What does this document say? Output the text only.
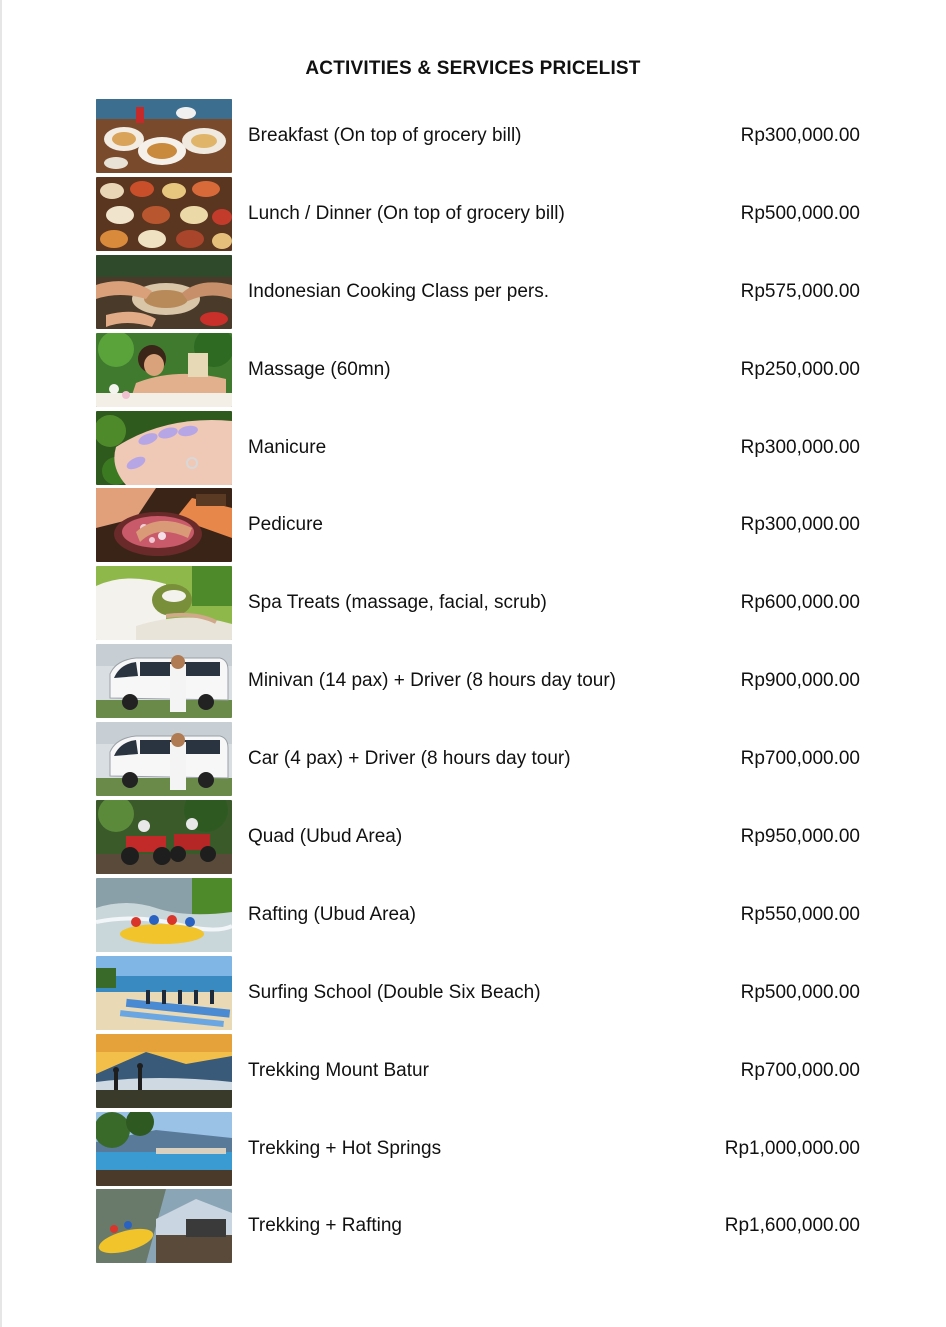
ACTIVITIES & SERVICES PRICELIST
Breakfast (On top of grocery bill)	Rp300,000.00
Lunch / Dinner (On top of grocery bill)	Rp500,000.00
Indonesian Cooking Class per pers.	Rp575,000.00
Massage (60mn)	Rp250,000.00
Manicure	Rp300,000.00
Pedicure	Rp300,000.00
Spa Treats (massage, facial, scrub)	Rp600,000.00
Minivan (14 pax) + Driver (8 hours day tour)	Rp900,000.00
Car (4 pax) + Driver (8 hours day tour)	Rp700,000.00
Quad (Ubud Area)	Rp950,000.00
Rafting (Ubud Area)	Rp550,000.00
Surfing School (Double Six Beach)	Rp500,000.00
Trekking Mount Batur	Rp700,000.00
Trekking + Hot Springs	Rp1,000,000.00
Trekking + Rafting	Rp1,600,000.00
